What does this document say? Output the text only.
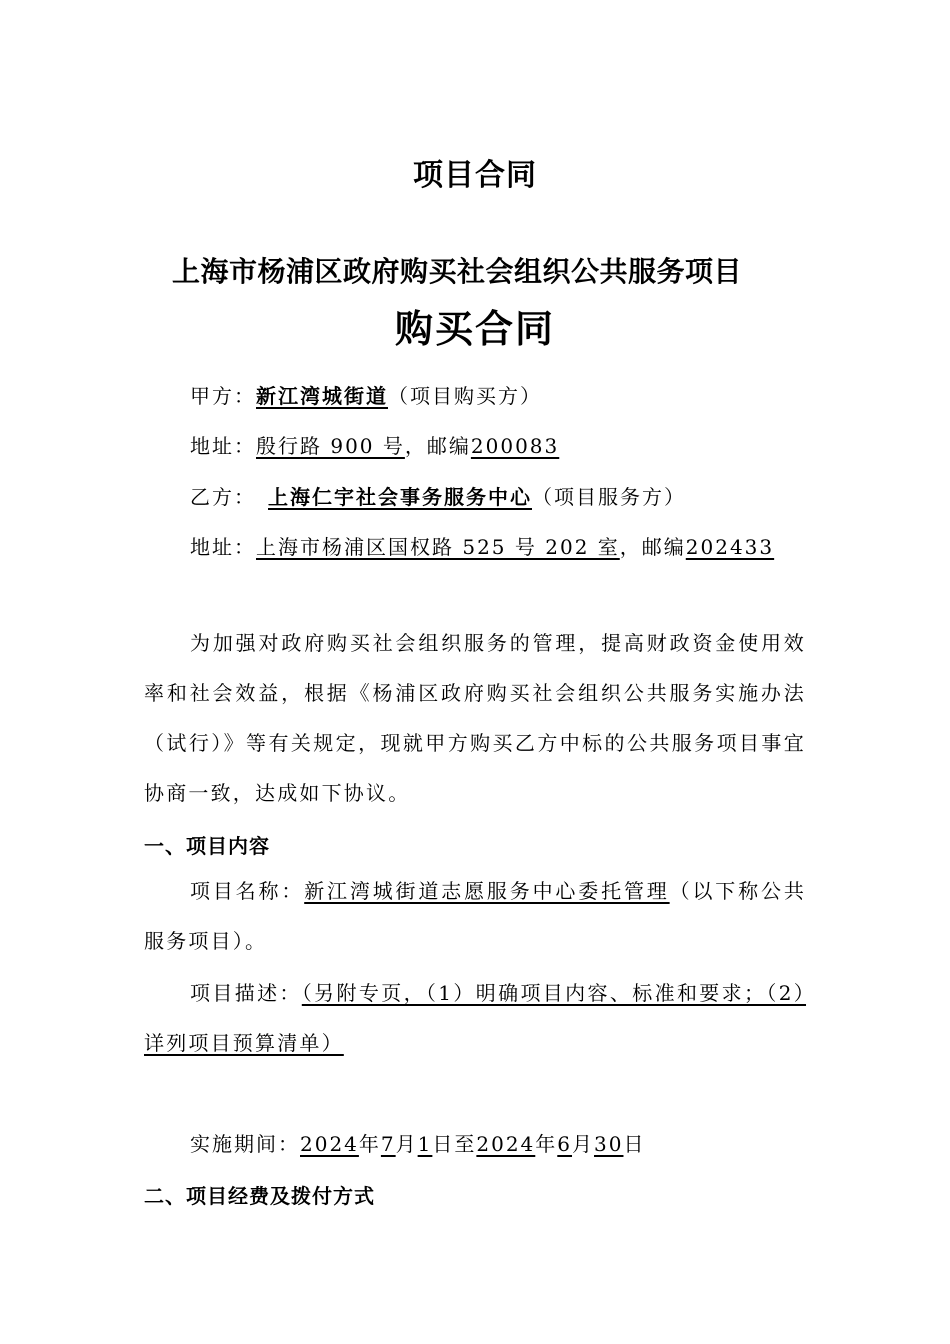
项目合同
上海市杨浦区政府购买社会组织公共服务项目
购买合同
甲方：新江湾城街道（项目购买方）
地址：殷行路 900 号，邮编200083
乙方： 上海仁宇社会事务服务中心（项目服务方）
地址：上海市杨浦区国权路 525 号 202 室，邮编202433
为加强对政府购买社会组织服务的管理，提高财政资金使用效率和社会效益，根据《杨浦区政府购买社会组织公共服务实施办法（试行）》等有关规定，现就甲方购买乙方中标的公共服务项目事宜协商一致，达成如下协议。
一、项目内容
项目名称：新江湾城街道志愿服务中心委托管理（以下称公共服务项目）。
项目描述：（另附专页，（1）明确项目内容、标准和要求；（2）详列项目预算清单）
实施期间：2024年7月1日至2024年6月30日
二、项目经费及拨付方式
